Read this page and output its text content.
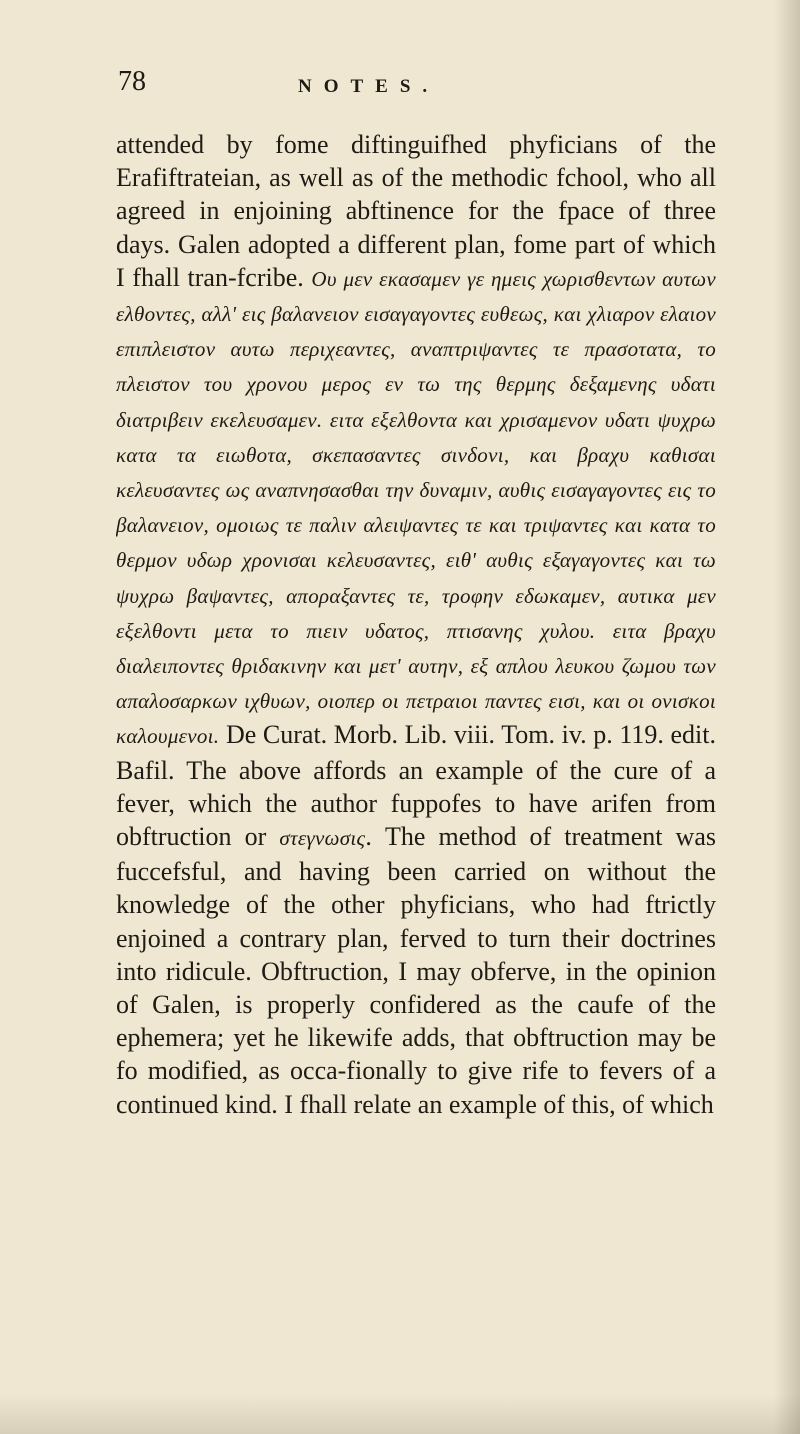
78	NOTES.

attended by fome diftinguifhed phyficians of the Erafiftrateian, as well as of the methodic fchool, who all agreed in enjoining abftinence for the fpace of three days. Galen adopted a different plan, fome part of which I fhall tran-fcribe. Ου μεν εκασαμεν γε ημεις χωρισθεντων αυτων ελθοντες, αλλ' εις βαλανειον εισαγαγοντες ευθεως, και χλιαρον ελαιον επιπλειστον αυτω περιχεαντες, αναπτριψαντες τε πρασοτατα, το πλειστον του χρονου μερος εν τω της θερμης δεξαμενης υδατι διατριβειν εκελευσαμεν. ειτα εξελθοντα και χρισαμενον υδατι ψυχρω κατα τα ειωθοτα, σκεπασαντες σινδονι, και βραχυ καθισαι κελευσαντες ως αναπνησασθαι την δυναμιν, αυθις εισαγαγοντες εις το βαλανειον, ομοιως τε παλιν αλειψαντες τε και τριψαντες και κατα το θερμον υδωρ χρονισαι κελευσαντες, ειθ' αυθις εξαγαγοντες και τω ψυχρω βαψαντες, αποραξαντες τε, τροφην εδωκαμεν, αυτικα μεν εξελθοντι μετα το πιειν υδατος, πτισανης χυλου. ειτα βραχυ διαλειποντες θριδακινην και μετ' αυτην, εξ απλου λευκου ζωμου των απαλοσαρκων ιχθυων, οιοπερ οι πετραιοι παντες εισι, και οι ονισκοι καλουμενοι. De Curat. Morb. Lib. viii. Tom. iv. p. 119. edit. Bafil. The above affords an example of the cure of a fever, which the author fuppofes to have arifen from obftruction or στεγνωσις. The method of treatment was fuccefsful, and having been carried on without the knowledge of the other phyficians, who had ftrictly enjoined a contrary plan, ferved to turn their doctrines into ridicule. Obftruction, I may obferve, in the opinion of Galen, is properly confidered as the caufe of the ephemera; yet he likewife adds, that obftruction may be fo modified, as occa-fionally to give rife to fevers of a cοntinued kind. I fhall relate an example of this, of which
